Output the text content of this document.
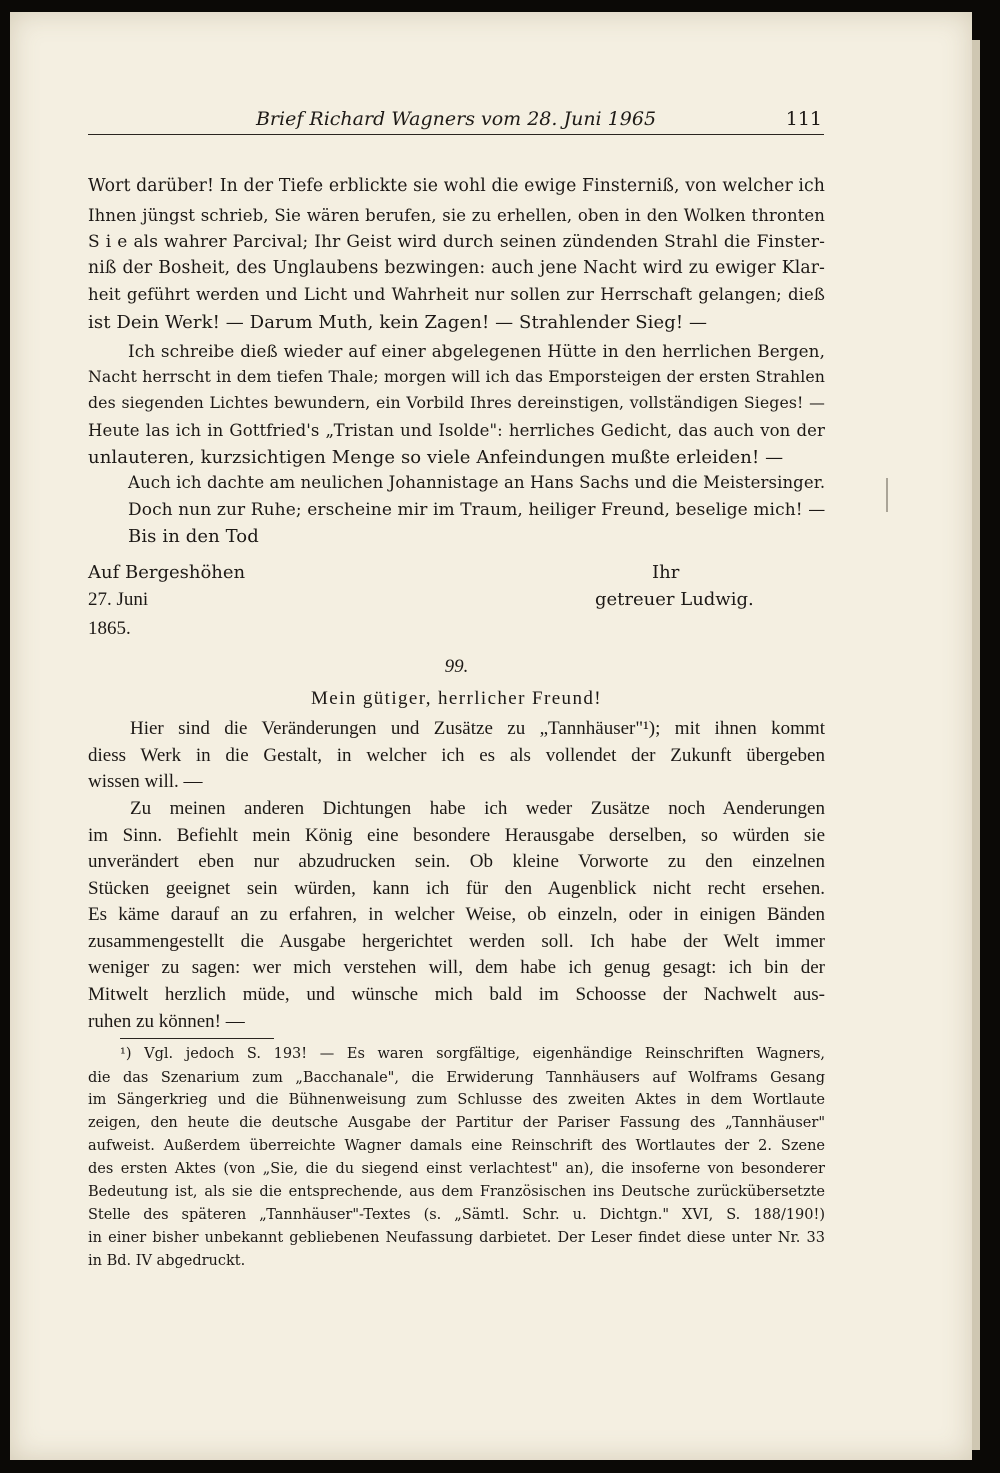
Brief Richard Wagners vom 28. Juni 1965	111
Wort darüber! In der Tiefe erblickte sie wohl die ewige Finsterniß, von welcher ich
Ihnen jüngst schrieb, Sie wären berufen, sie zu erhellen, oben in den Wolken thronten
S i e als wahrer Parcival; Ihr Geist wird durch seinen zündenden Strahl die Finster-
niß der Bosheit, des Unglaubens bezwingen: auch jene Nacht wird zu ewiger Klar-
heit geführt werden und Licht und Wahrheit nur sollen zur Herrschaft gelangen; dieß
ist Dein Werk! — Darum Muth, kein Zagen! — Strahlender Sieg! —
Ich schreibe dieß wieder auf einer abgelegenen Hütte in den herrlichen Bergen,
Nacht herrscht in dem tiefen Thale; morgen will ich das Emporsteigen der ersten Strahlen
des siegenden Lichtes bewundern, ein Vorbild Ihres dereinstigen, vollständigen Sieges! —
Heute las ich in Gottfried's „Tristan und Isolde": herrliches Gedicht, das auch von der
unlauteren, kurzsichtigen Menge so viele Anfeindungen mußte erleiden! —
Auch ich dachte am neulichen Johannistage an Hans Sachs und die Meistersinger.
Doch nun zur Ruhe; erscheine mir im Traum, heiliger Freund, beselige mich! —
Bis in den Tod
Auf Bergeshöhen
27. Juni
1865.
Ihr
getreuer Ludwig.
99.
Mein gütiger, herrlicher Freund!
Hier sind die Veränderungen und Zusätze zu „Tannhäuser"¹); mit ihnen kommt
diess Werk in die Gestalt, in welcher ich es als vollendet der Zukunft übergeben
wissen will. —
Zu meinen anderen Dichtungen habe ich weder Zusätze noch Aenderungen
im Sinn. Befiehlt mein König eine besondere Herausgabe derselben, so würden sie
unverändert eben nur abzudrucken sein. Ob kleine Vorworte zu den einzelnen
Stücken geeignet sein würden, kann ich für den Augenblick nicht recht ersehen.
Es käme darauf an zu erfahren, in welcher Weise, ob einzeln, oder in einigen Bänden
zusammengestellt die Ausgabe hergerichtet werden soll. Ich habe der Welt immer
weniger zu sagen: wer mich verstehen will, dem habe ich genug gesagt: ich bin der
Mitwelt herzlich müde, und wünsche mich bald im Schoosse der Nachwelt aus-
ruhen zu können! —
¹) Vgl. jedoch S. 193! — Es waren sorgfältige, eigenhändige Reinschriften Wagners,
die das Szenarium zum „Bacchanale", die Erwiderung Tannhäusers auf Wolframs Gesang
im Sängerkrieg und die Bühnenweisung zum Schlusse des zweiten Aktes in dem Wortlaute
zeigen, den heute die deutsche Ausgabe der Partitur der Pariser Fassung des „Tannhäuser"
aufweist. Außerdem überreichte Wagner damals eine Reinschrift des Wortlautes der 2. Szene
des ersten Aktes (von „Sie, die du siegend einst verlachtest" an), die insoferne von besonderer
Bedeutung ist, als sie die entsprechende, aus dem Französischen ins Deutsche zurückübersetzte
Stelle des späteren „Tannhäuser"-Textes (s. „Sämtl. Schr. u. Dichtgn." XVI, S. 188/190!)
in einer bisher unbekannt gebliebenen Neufassung darbietet. Der Leser findet diese unter Nr. 33
in Bd. IV abgedruckt.
